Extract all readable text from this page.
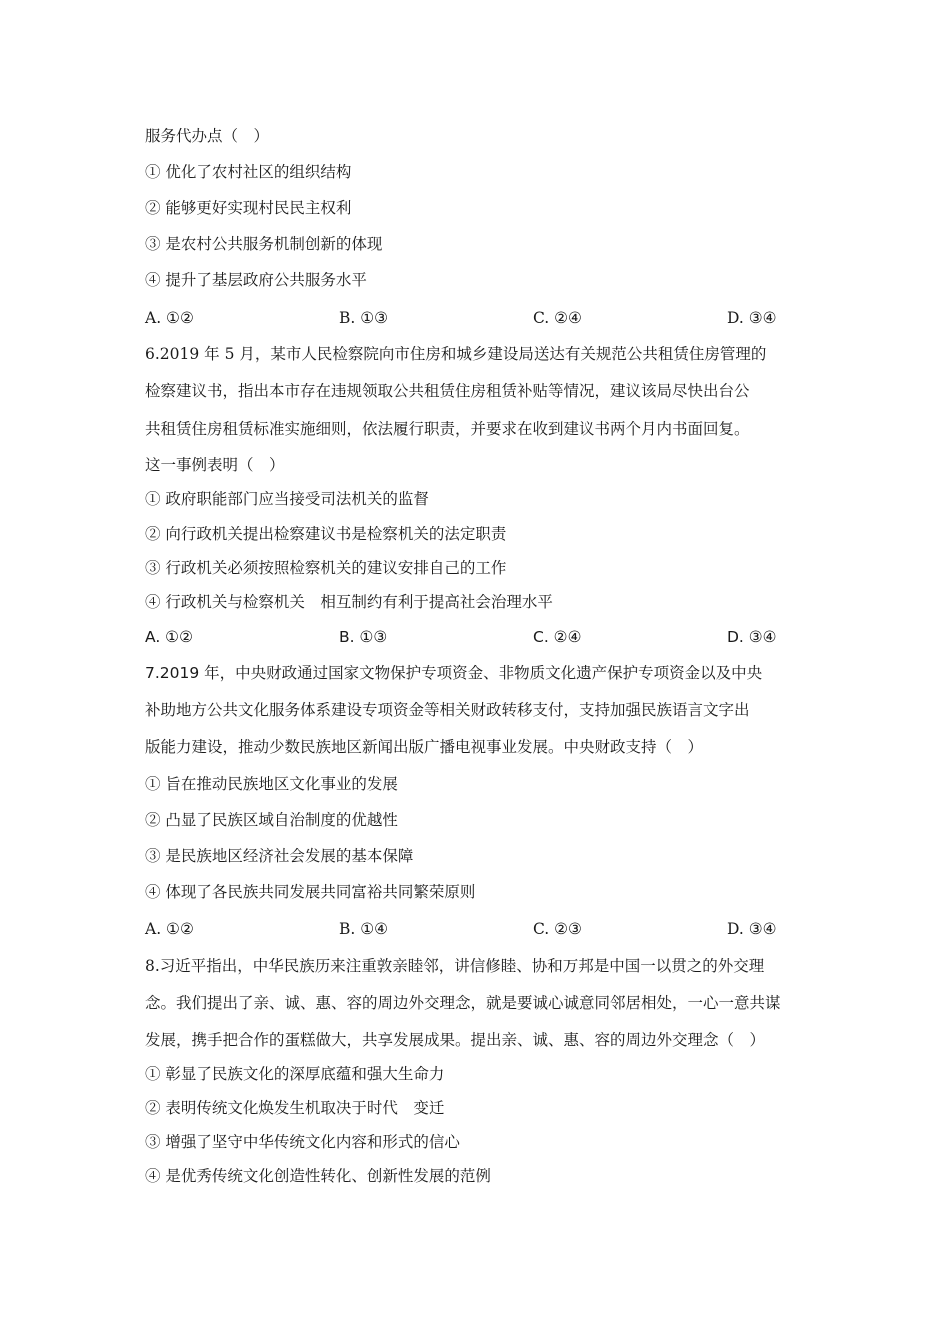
服务代办点（　）
① 优化了农村社区的组织结构
② 能够更好实现村民民主权利
③ 是农村公共服务机制创新的体现
④ 提升了基层政府公共服务水平
A. ①②	B. ①③	C. ②④	D. ③④
6.2019 年 5 月，某市人民检察院向市住房和城乡建设局送达有关规范公共租赁住房管理的
检察建议书，指出本市存在违规领取公共租赁住房租赁补贴等情况，建议该局尽快出台公
共租赁住房租赁标准实施细则，依法履行职责，并要求在收到建议书两个月内书面回复。
这一事例表明（　）
① 政府职能部门应当接受司法机关的监督
② 向行政机关提出检察建议书是检察机关的法定职责
③ 行政机关必须按照检察机关的建议安排自己的工作
④ 行政机关与检察机关　相互制约有利于提高社会治理水平
A. ①②	B. ①③	C. ②④	D. ③④
7.2019 年，中央财政通过国家文物保护专项资金、非物质文化遗产保护专项资金以及中央
补助地方公共文化服务体系建设专项资金等相关财政转移支付，支持加强民族语言文字出
版能力建设，推动少数民族地区新闻出版广播电视事业发展。中央财政支持（　）
① 旨在推动民族地区文化事业的发展
② 凸显了民族区域自治制度的优越性
③ 是民族地区经济社会发展的基本保障
④ 体现了各民族共同发展共同富裕共同繁荣原则
A. ①②	B. ①④	C. ②③	D. ③④
8.习近平指出，中华民族历来注重敦亲睦邻，讲信修睦、协和万邦是中国一以贯之的外交理
念。我们提出了亲、诚、惠、容的周边外交理念，就是要诚心诚意同邻居相处，一心一意共谋
发展，携手把合作的蛋糕做大，共享发展成果。提出亲、诚、惠、容的周边外交理念（　）
① 彰显了民族文化的深厚底蕴和强大生命力
② 表明传统文化焕发生机取决于时代　变迁
③ 增强了坚守中华传统文化内容和形式的信心
④ 是优秀传统文化创造性转化、创新性发展的范例
